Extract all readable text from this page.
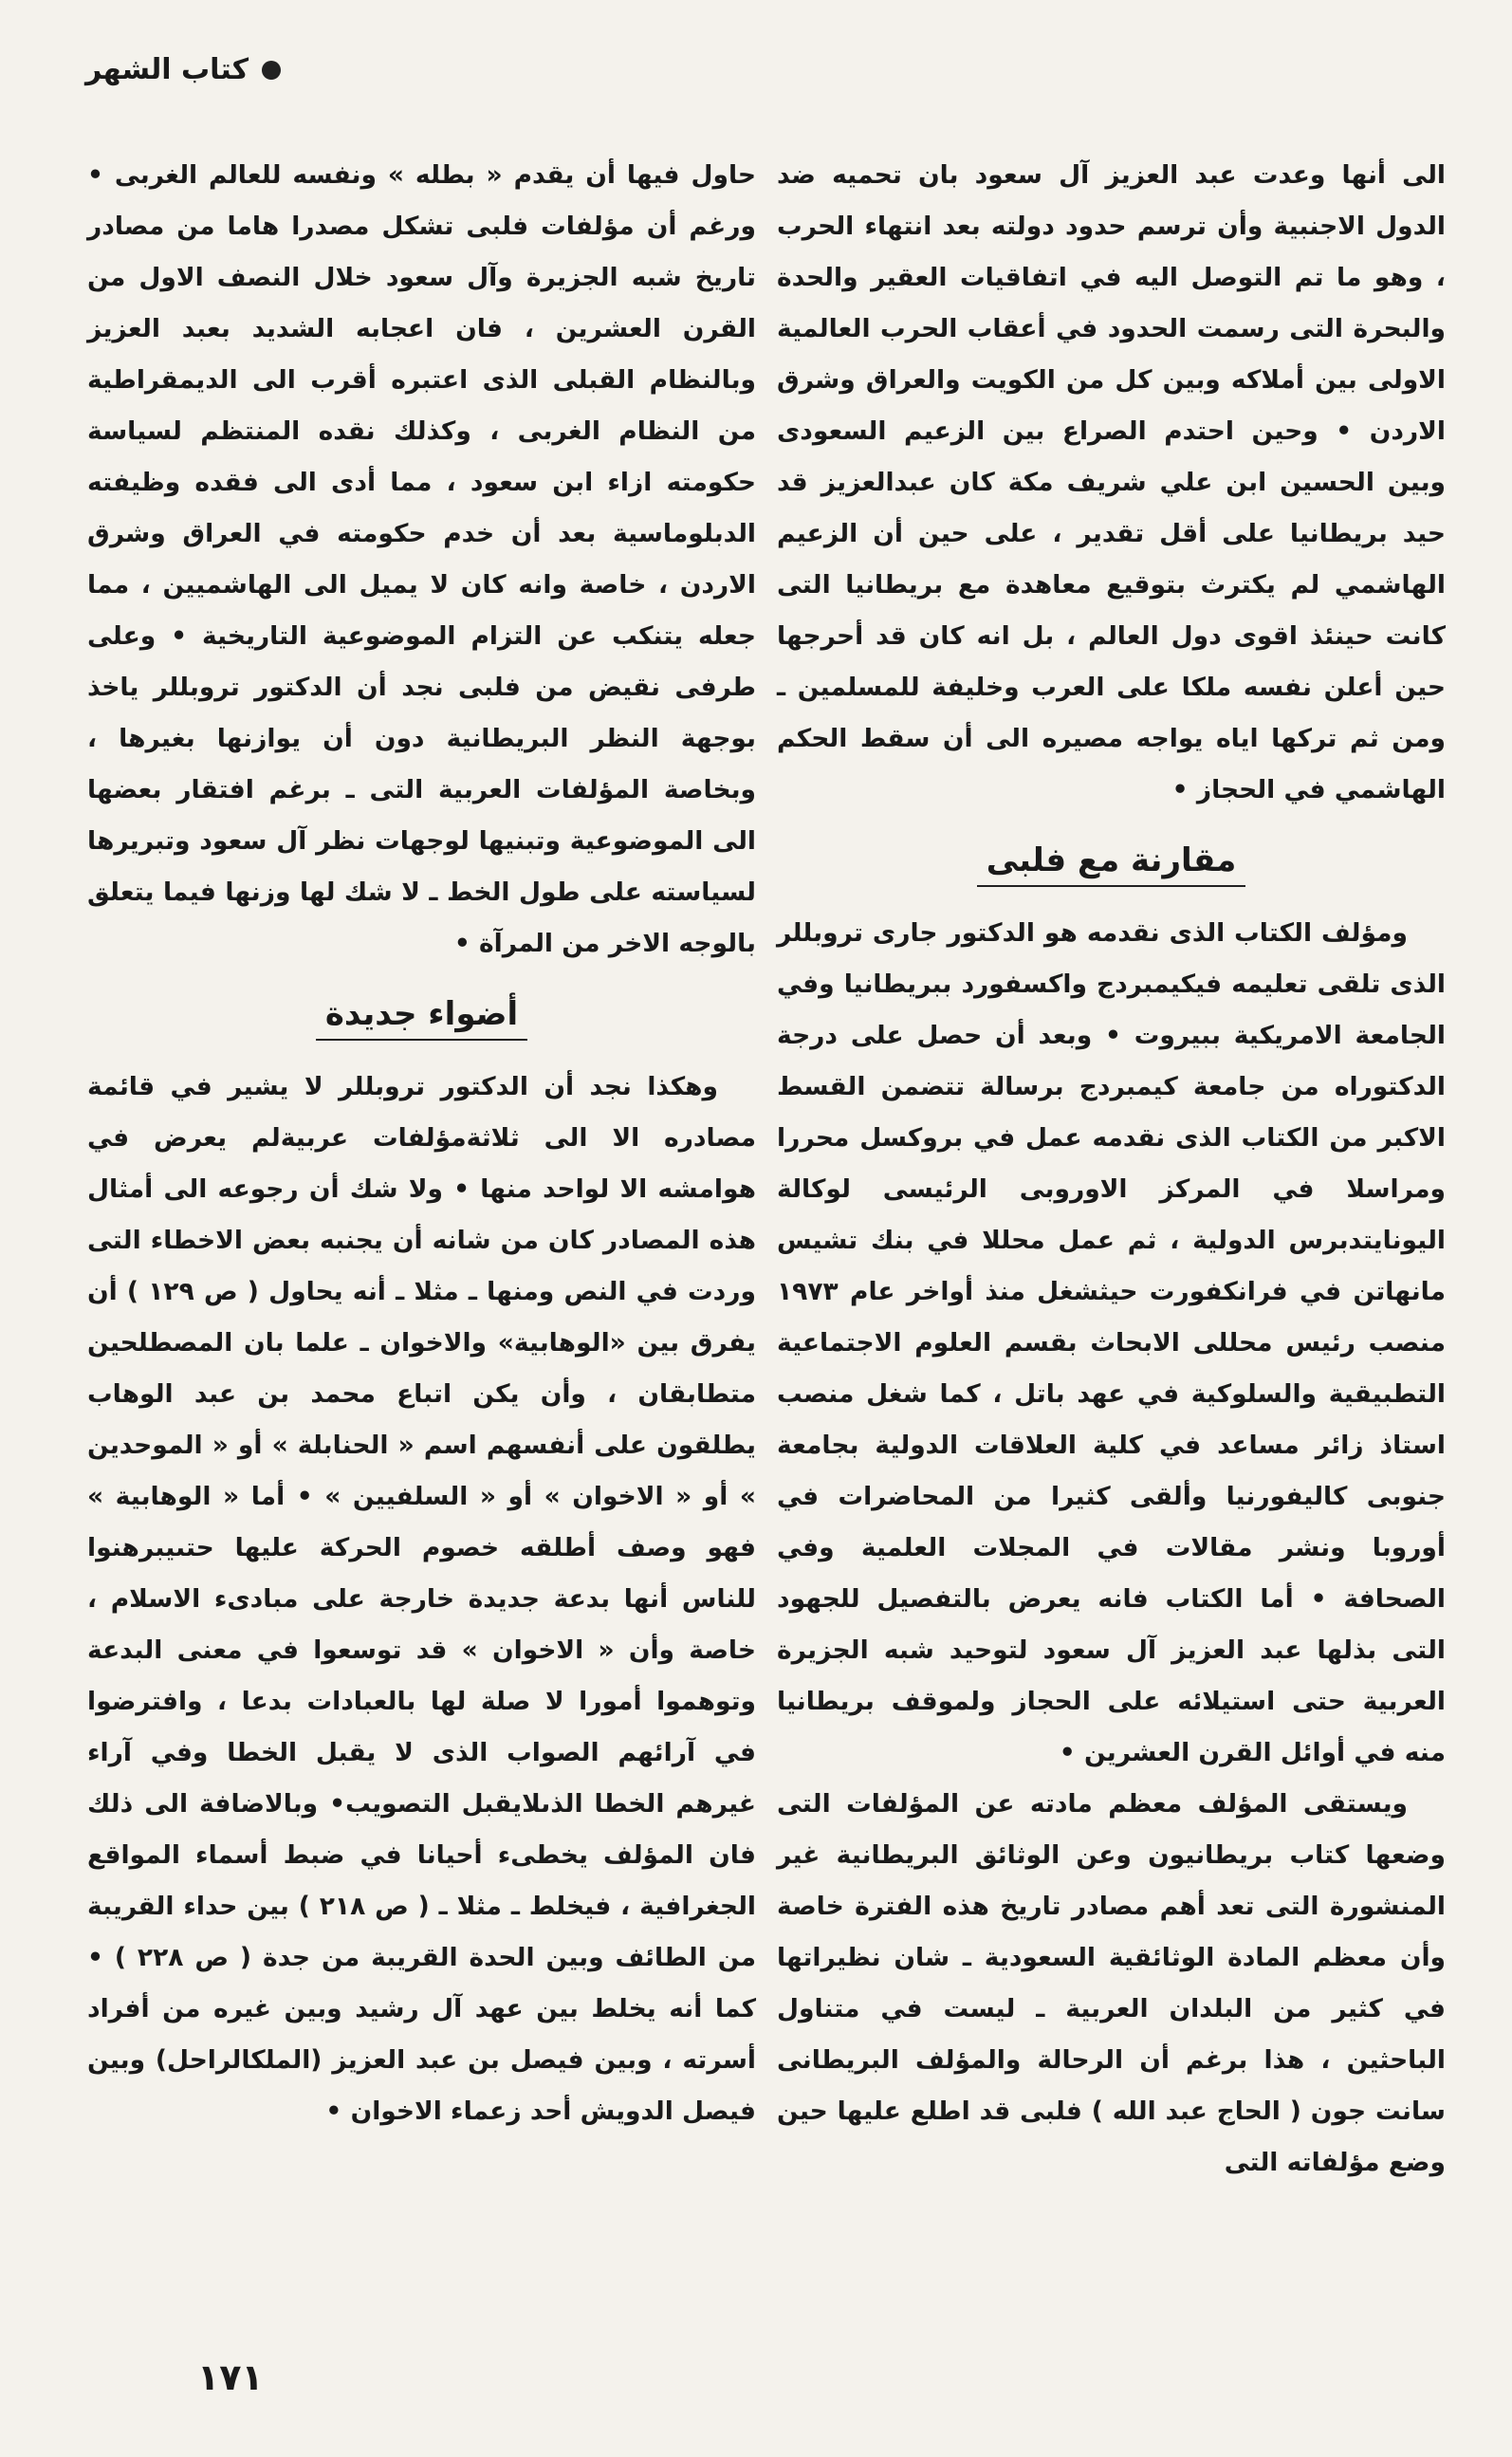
كتاب الشهر

الى أنها وعدت عبد العزيز آل سعود بان تحميه ضد الدول الاجنبية وأن ترسم حدود دولته بعد انتهاء الحرب ، وهو ما تم التوصل اليه في اتفاقيات العقير والحدة والبحرة التى رسمت الحدود في أعقاب الحرب العالمية الاولى بين أملاكه وبين كل من الكويت والعراق وشرق الاردن • وحين احتدم الصراع بين الزعيم السعودى وبين الحسين ابن علي شريف مكة كان عبدالعزيز قد حيد بريطانيا على أقل تقدير ، على حين أن الزعيم الهاشمي لم يكترث بتوقيع معاهدة مع بريطانيا التى كانت حينئذ اقوى دول العالم ، بل انه كان قد أحرجها حين أعلن نفسه ملكا على العرب وخليفة للمسلمين ـ ومن ثم تركها اياه يواجه مصيره الى أن سقط الحكم الهاشمي في الحجاز •

مقارنة مع فلبى

ومؤلف الكتاب الذى نقدمه هو الدكتور جارى تروبللر الذى تلقى تعليمه فيكيمبردج واكسفورد ببريطانيا وفي الجامعة الامريكية ببيروت • وبعد أن حصل على درجة الدكتوراه من جامعة كيمبردج برسالة تتضمن القسط الاكبر من الكتاب الذى نقدمه عمل في بروكسل محررا ومراسلا في المركز الاوروبى الرئيسى لوكالة اليونايتدبرس الدولية ، ثم عمل محللا في بنك تشيس مانهاتن في فرانكفورت حيثشغل منذ أواخر عام ١٩٧٣ منصب رئيس محللى الابحاث بقسم العلوم الاجتماعية التطبيقية والسلوكية في عهد باتل ، كما شغل منصب استاذ زائر مساعد في كلية العلاقات الدولية بجامعة جنوبى كاليفورنيا وألقى كثيرا من المحاضرات في أوروبا ونشر مقالات في المجلات العلمية وفي الصحافة • أما الكتاب فانه يعرض بالتفصيل للجهود التى بذلها عبد العزيز آل سعود لتوحيد شبه الجزيرة العربية حتى استيلائه على الحجاز ولموقف بريطانيا منه في أوائل القرن العشرين •

ويستقى المؤلف معظم مادته عن المؤلفات التى وضعها كتاب بريطانيون وعن الوثائق البريطانية غير المنشورة التى تعد أهم مصادر تاريخ هذه الفترة خاصة وأن معظم المادة الوثائقية السعودية ـ شان نظيراتها في كثير من البلدان العربية ـ ليست في متناول الباحثين ، هذا برغم أن الرحالة والمؤلف البريطانى سانت جون ( الحاج عبد الله ) فلبى قد اطلع عليها حين وضع مؤلفاته التى

حاول فيها أن يقدم « بطله » ونفسه للعالم الغربى • ورغم أن مؤلفات فلبى تشكل مصدرا هاما من مصادر تاريخ شبه الجزيرة وآل سعود خلال النصف الاول من القرن العشرين ، فان اعجابه الشديد بعبد العزيز وبالنظام القبلى الذى اعتبره أقرب الى الديمقراطية من النظام الغربى ، وكذلك نقده المنتظم لسياسة حكومته ازاء ابن سعود ، مما أدى الى فقده وظيفته الدبلوماسية بعد أن خدم حكومته في العراق وشرق الاردن ، خاصة وانه كان لا يميل الى الهاشميين ، مما جعله يتنكب عن التزام الموضوعية التاريخية • وعلى طرفى نقيض من فلبى نجد أن الدكتور تروبللر ياخذ بوجهة النظر البريطانية دون أن يوازنها بغيرها ، وبخاصة المؤلفات العربية التى ـ برغم افتقار بعضها الى الموضوعية وتبنيها لوجهات نظر آل سعود وتبريرها لسياسته على طول الخط ـ لا شك لها وزنها فيما يتعلق بالوجه الاخر من المرآة •

أضواء جديدة

وهكذا نجد أن الدكتور تروبللر لا يشير في قائمة مصادره الا الى ثلاثةمؤلفات عربيةلم يعرض في هوامشه الا لواحد منها • ولا شك أن رجوعه الى أمثال هذه المصادر كان من شانه أن يجنبه بعض الاخطاء التى وردت في النص ومنها ـ مثلا ـ أنه يحاول ( ص ١٢٩ ) أن يفرق بين «الوهابية» والاخوان ـ علما بان المصطلحين متطابقان ، وأن يكن اتباع محمد بن عبد الوهاب يطلقون على أنفسهم اسم « الحنابلة » أو « الموحدين » أو « الاخوان » أو « السلفيين » • أما « الوهابية » فهو وصف أطلقه خصوم الحركة عليها حتىيبرهنوا للناس أنها بدعة جديدة خارجة على مبادىء الاسلام ، خاصة وأن « الاخوان » قد توسعوا في معنى البدعة وتوهموا أمورا لا صلة لها بالعبادات بدعا ، وافترضوا في آرائهم الصواب الذى لا يقبل الخطا وفي آراء غيرهم الخطا الذىلايقبل التصويب• وبالاضافة الى ذلك فان المؤلف يخطىء أحيانا في ضبط أسماء المواقع الجغرافية ، فيخلط ـ مثلا ـ ( ص ٢١٨ ) بين حداء القريبة من الطائف وبين الحدة القريبة من جدة ( ص ٢٢٨ ) • كما أنه يخلط بين عهد آل رشيد وبين غيره من أفراد أسرته ، وبين فيصل بن عبد العزيز (الملكالراحل) وبين فيصل الدويش أحد زعماء الاخوان •

١٧١
